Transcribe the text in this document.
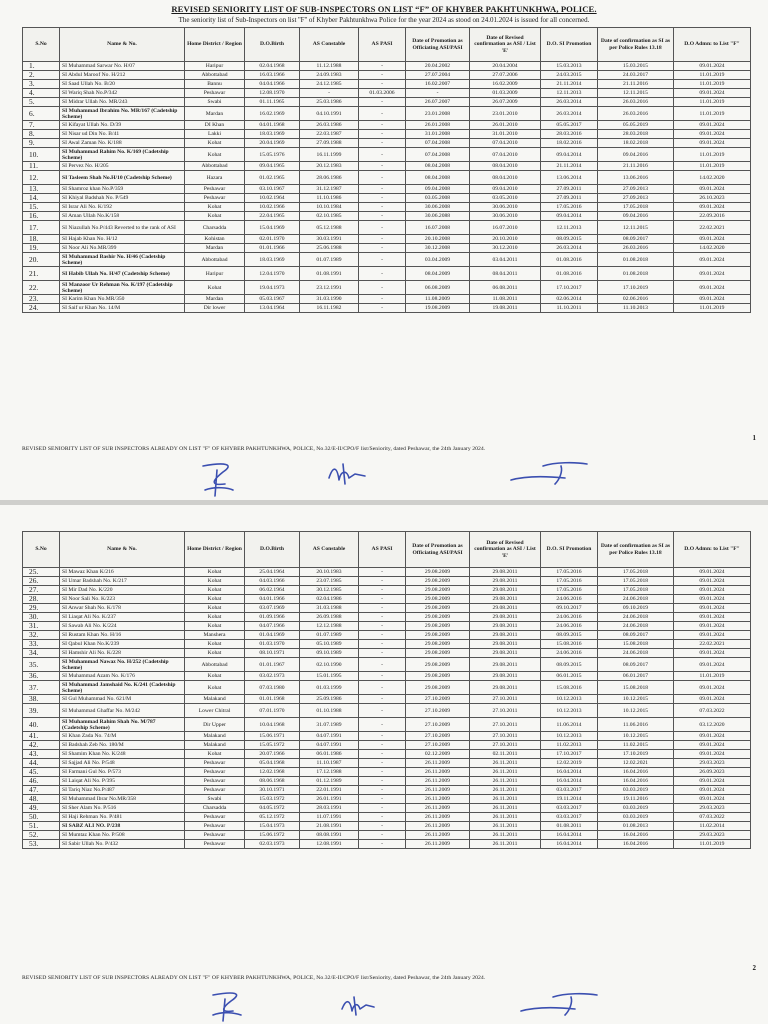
REVISED SENIORITY LIST OF SUB-INSPECTORS ON LIST “F” OF KHYBER PAKHTUNKHWA, POLICE.
The seniority list of Sub-Inspectors on list ''F'' of Khyber Pakhtunkhwa Police for the year 2024 as stood on 24.01.2024 is issued for all concerned.
S.No	Name & No.	Home District / Region	D.O.Birth	AS Constable	AS PASI	Date of Promotion as Officiating ASI/PASI	Date of Revised confirmation as ASI / List 'E'	D.O. SI Promotion	Date of confirmation as SI as per Police Rules 13.18	D.O Admn: to List "F"
1.	SI Muhammad Sarwar No. H/07	Haripur	02.04.1968	11.12.1988	-	20.04.2002	20.04.2004	15.03.2013	15.03.2015	09.01.2024
2.	SI Abdul Maroof No. H/212	Abbottabad	16.03.1966	24.09.1983	-	27.07.2004	27.07.2006	24.03.2015	24.03.2017	11.01.2019
3.	SI Saad Ullah No. B/20	Bannu	04.04.1966	24.12.1985	-	16.02.2007	16.02.2009	21.11.2014	21.11.2016	11.01.2019
4.	SI Wariq Shah No.P/342	Peshawar	12.08.1970	-	01.03.2006	-	01.03.2009	12.11.2013	12.11.2015	09.01.2024
5.	SI Midrar Ullah No. MR/243	Swabi	01.11.1965	25.03.1986	-	26.07.2007	26.07.2009	26.03.2014	26.03.2016	11.01.2019
6.	SI Muhammad Ibrahim No. MR/167 (Cadetship Scheme)	Mardan	16.02.1969	04.10.1991	-	23.01.2008	23.01.2010	26.03.2014	26.03.2016	11.01.2019
7.	SI Kifayat Ullah No. D/39	DI Khan	04.01.1968	26.03.1986	-	26.01.2008	26.01.2010	05.05.2017	05.05.2019	09.01.2024
8.	SI Nisar ud Din No. B/41	Lakki	18.03.1969	22.03.1987	-	31.01.2008	31.01.2010	28.03.2016	28.03.2018	09.01.2024
9.	SI Awal Zaman No. K/188	Kohat	20.04.1969	27.09.1988	-	07.04.2008	07.04.2010	18.02.2016	18.02.2018	09.01.2024
10.	SI Muhammad Rahim No. K/169 (Cadetship Scheme)	Kohat	15.05.1976	16.11.1999	-	07.04.2008	07.04.2010	09.04.2014	09.04.2016	11.01.2019
11.	SI Pervez No. H/205	Abbottabad	09.04.1965	20.12.1983	-	08.04.2008	08.04.2010	21.11.2014	21.11.2016	11.01.2019
12.	SI Tasleem Shah No.H/10 (Cadetship Scheme)	Hazara	01.02.1965	28.06.1986	-	08.04.2008	08.04.2010	13.06.2014	13.06.2016	14.02.2020
13.	SI Shamroz khan No.P/359	Peshawar	03.10.1967	31.12.1987	-	09.04.2008	09.04.2010	27.09.2011	27.09.2013	09.01.2024
14.	SI Khiyal Badshah No. P/549	Peshawar	10.02.1964	11.10.1986	-	03.05.2008	03.05.2010	27.09.2011	27.09.2013	26.10.2023
15.	SI Israr Ali No. K/192	Kohat	10.02.1966	10.10.1984	-	30.06.2008	30.06.2010	17.05.2016	17.05.2018	09.01.2024
16.	SI Aman Ullah No.K/158	Kohat	22.04.1965	02.10.1985	-	30.06.2088	30.06.2010	09.04.2014	09.04.2016	22.09.2016
17.	SI Niazullah No.P/443 Reverted to the rank of ASI	Charsadda	15.04.1969	05.12.1988	-	16.07.2008	16.07.2010	12.11.2013	12.11.2015	22.02.2021
18.	SI Hajab Khan No. H/12	Kohistan	02.01.1970	30.03.1991	-	20.10.2008	20.10.2010	08.09.2015	08.09.2017	09.01.2024
19.	SI Noor Ali No.MR/399	Mardan	01.01.1966	25.06.1988	-	30.12.2008	30.12.2010	26.03.2014	26.03.2016	14.02.2020
20.	SI Muhammad Bashir No. H/46 (Cadetship Scheme)	Abbottabad	18.03.1969	01.07.1989	-	03.04.2009	03.04.2011	01.08.2016	01.08.2018	09.01.2024
21.	SI Habib Ullah No. H/47 (Cadetship Scheme)	Haripur	12.04.1970	01.08.1991	-	08.04.2009	08.04.2011	01.08.2016	01.08.2018	09.01.2024
22.	SI Manzoor Ur Rehman No. K/197 (Cadetship Scheme)	Kohat	19.04.1973	23.12.1991	-	06.08.2009	06.08.2011	17.10.2017	17.10.2019	09.01.2024
23.	SI Karim Khan No.MR/350	Mardan	05.03.1967	31.03.1990	-	11.08.2009	11.08.2011	02.06.2014	02.06.2016	09.01.2024
24.	SI Saif ur Khan No. 14/M	Dir lower	13.04.1964	16.11.1982	-	19.08.2009	19.08.2011	11.10.2011	11.10.2013	11.01.2019
1
REVISED SENIORITY LIST OF SUB INSPECTORS ALREADY ON LIST "F" OF KHYBER PAKHTUNKHWA, POLICE, No.32/E-II/CPO/F list/Seniority, dated Peshawar, the 24th January 2024.
S.No	Name & No.	Home District / Region	D.O.Birth	AS Constable	AS PASI	Date of Promotion as Officiating ASI/PASI	Date of Revised confirmation as ASI / List 'E'	D.O. SI Promotion	Date of confirmation as SI as per Police Rules 13.18	D.O Admn: to List "F"
25.	SI Mawaz Khan K/216	Kohat	25.04.1964	20.10.1983	-	29.08.2009	29.08.2011	17.05.2016	17.05.2018	09.01.2024
26.	SI Umar Badshah No. K/217	Kohat	04.03.1966	23.07.1985	-	29.08.2009	29.08.2011	17.05.2016	17.05.2018	09.01.2024
27.	SI Mir Dad No. K/220	Kohat	06.02.1964	30.12.1985	-	29.08.2009	29.08.2011	17.05.2016	17.05.2018	09.01.2024
28.	SI Noor Sali No. K/223	Kohat	04.01.1966	02.04.1986	-	29.08.2009	29.08.2011	24.06.2016	24.06.2018	09.01.2024
29.	SI Anwar Shah No. K/178	Kohat	03.07.1969	31.03.1988	-	29.08.2009	29.08.2011	09.10.2017	09.10.2019	09.01.2024
30.	SI Liaqat Ali No. K/237	Kohat	01.09.1966	26.09.1988	-	29.08.2009	29.08.2011	24.06.2016	24.06.2018	09.01.2024
31.	SI Sawab Ali No. K/224	Kohat	04.07.1966	12.12.1988	-	29.08.2009	29.08.2011	24.06.2016	24.06.2018	09.01.2024
32.	SI Rustam Khan No. H/16	Manshera	01.04.1969	01.07.1989	-	29.08.2009	29.08.2011	08.09.2015	08.09.2017	09.01.2024
33.	SI Qabul Khan No.K/239	Kohat	01.03.1970	05.10.1989	-	29.08.2009	29.08.2011	15.08.2016	15.08.2018	22.02.2021
34.	SI Hamshir Ali No. K/228	Kohat	08.10.1971	09.10.1989	-	29.08.2009	29.08.2011	24.06.2016	24.06.2018	09.01.2024
35.	SI Muhammad Nawaz No. H/252 (Cadetship Scheme)	Abbottabad	01.01.1967	02.10.1990	-	29.08.2009	29.08.2011	08.09.2015	08.09.2017	09.01.2024
36.	SI Muhammad Azam No. K/176	Kohat	03.02.1973	15.01.1995	-	29.08.2009	29.08.2011	06.01.2015	06.01.2017	11.01.2019
37.	SI Muhammad Jamshaid No. K/241 (Cadetship Scheme)	Kohat	07.03.1980	01.03.1999	-	29.08.2009	29.08.2011	15.08.2016	15.08.2018	09.01.2024
38.	SI Gul Muhammad No. 621/M	Malakand	01.01.1968	25.09.1986	-	27.10.2009	27.10.2011	10.12.2013	10.12.2015	09.01.2024
39.	SI Muhammad Ghaffar No. M/242	Lower Chitral	07.01.1970	01.10.1988	-	27.10.2009	27.10.2011	10.12.2013	10.12.2015	07.03.2022
40.	SI Muhammad Rahim Shah No. M/787 (Cadetship Scheme)	Dir Upper	10.04.1968	31.07.1989	-	27.10.2009	27.10.2011	11.06.2014	11.06.2016	03.12.2020
41.	SI Khan Zada No. 74/M	Malakand	15.06.1971	04.07.1991	-	27.10.2009	27.10.2011	10.12.2013	10.12.2015	09.01.2024
42.	SI Badshah Zeb No. 180/M	Malakand	15.05.1972	04.07.1991	-	27.10.2009	27.10.2011	11.02.2013	11.02.2015	09.01.2024
43.	SI Shamim Khan No. K/248	Kohat	20.07.1966	06.01.1986	-	02.12.2009	02.11.2011	17.10.2017	17.10.2019	09.01.2024
44.	SI Sajjad Ali No. P/548	Peshawar	05.04.1968	11.10.1987	-	26.11.2009	26.11.2011	12.02.2019	12.02.2021	29.03.2023
45.	SI Farmani Gul No. P/573	Peshawar	12.02.1968	17.12.1988	-	26.11.2009	26.11.2011	16.04.2014	16.04.2016	26.09.2023
46.	SI Laiqat Ali No. P/395	Peshawar	08.06.1968	01.12.1989	-	26.11.2009	26.11.2011	16.04.2014	16.04.2016	09.01.2024
47.	SI Tariq Niaz No.P/487	Peshawar	30.10.1971	22.01.1991	-	26.11.2009	26.11.2011	03.03.2017	03.03.2019	09.01.2024
48.	SI Muhammad Ibrar No.MR/358	Swabi	15.03.1972	26.01.1991	-	26.11.2009	26.11.2011	19.11.2014	19.11.2016	09.01.2024
49.	SI Sher Alam No. P/516	Charsadda	04.05.1972	28.03.1991	-	26.11.2009	26.11.2011	03.03.2017	03.03.2019	29.03.2023
50.	SI Haji Rehman No. P/481	Peshawar	05.12.1972	11.07.1991	-	26.11.2009	26.11.2011	03.03.2017	03.03.2019	07.03.2022
51.	SI SABZ ALI NO. P/238	Peshawar	15.04.1973	21.08.1991	-	26.11.2009	26.11.2011	01.08.2011	01.08.2013	11.02.2014
52.	SI Mumtaz Khan No. P/508	Peshawar	15.06.1972	08.08.1991	-	26.11.2009	26.11.2011	16.04.2014	16.04.2016	29.03.2023
53.	SI Sabir Ullah No. P/432	Peshawar	02.03.1973	12.08.1991	-	26.11.2009	26.11.2011	16.04.2014	16.04.2016	11.01.2019
2
REVISED SENIORITY LIST OF SUB INSPECTORS ALREADY ON LIST "F" OF KHYBER PAKHTUNKHWA, POLICE, No.32/E-II/CPO/F list/Seniority, dated Peshawar, the 24th January 2024.
